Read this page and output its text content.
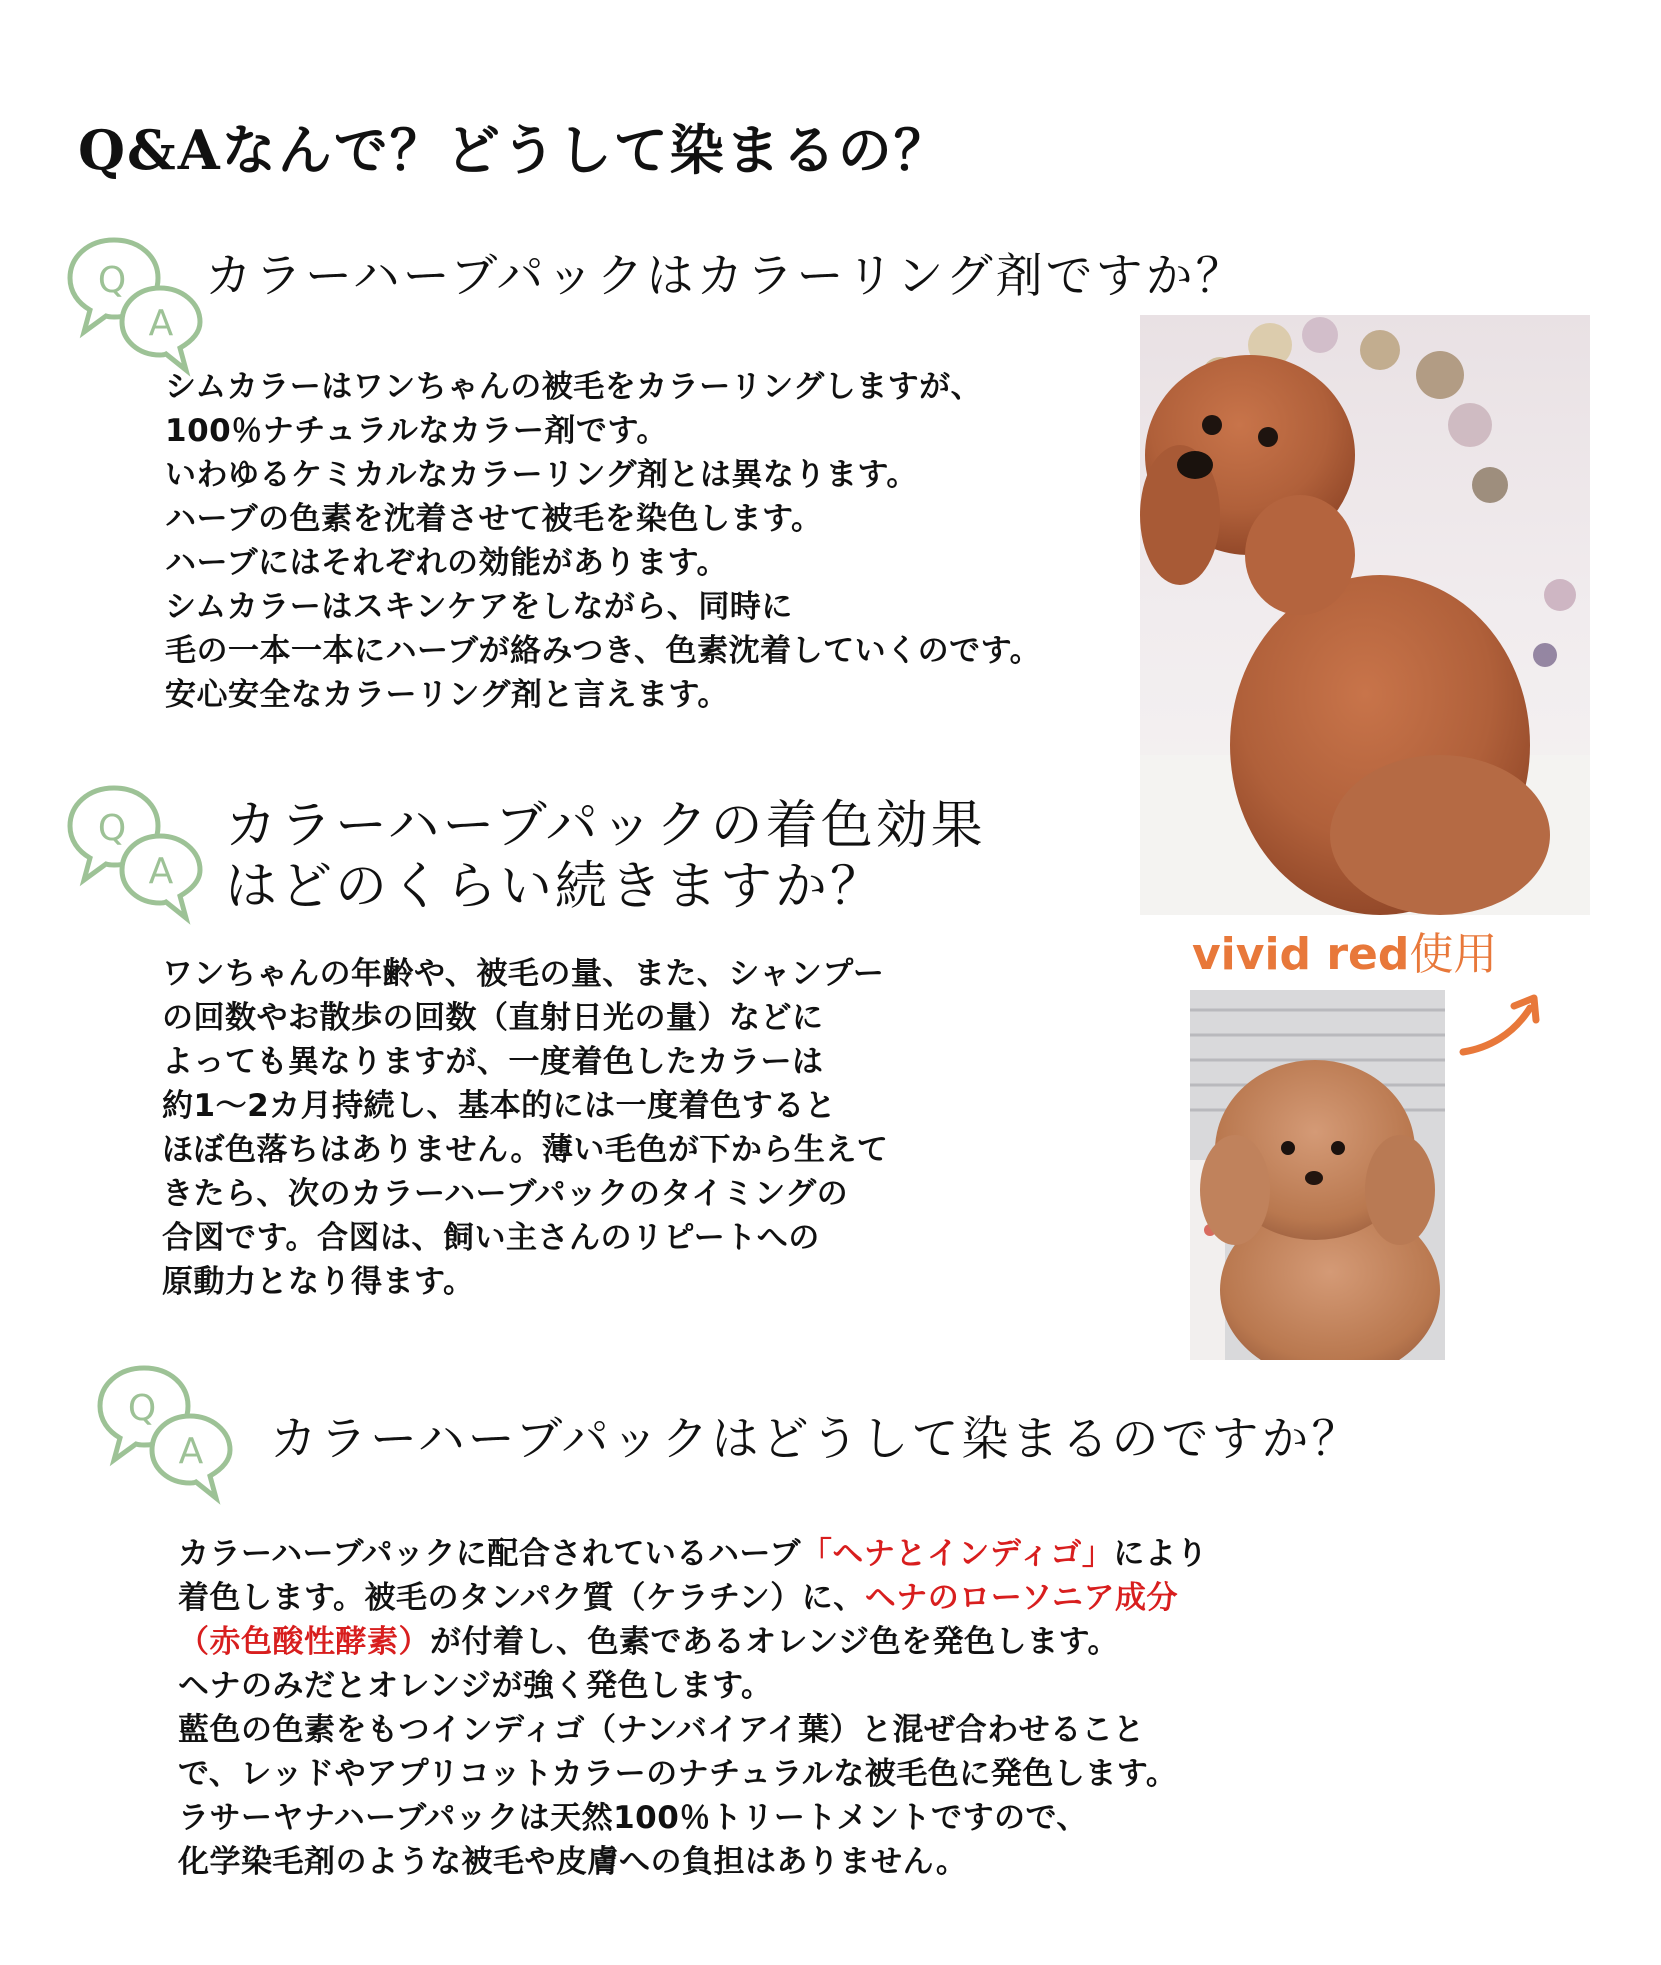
Q&Aなんで？どうして染まるの？
Q
A
カラーハーブパックはカラーリング剤ですか？
シムカラーはワンちゃんの被毛をカラーリングしますが、
100％ナチュラルなカラー剤です。
いわゆるケミカルなカラーリング剤とは異なります。
ハーブの色素を沈着させて被毛を染色します。
ハーブにはそれぞれの効能があります。
シムカラーはスキンケアをしながら、同時に
毛の一本一本にハーブが絡みつき、色素沈着していくのです。
安心安全なカラーリング剤と言えます。
Q
A
カラーハーブパックの着色効果
はどのくらい続きますか？
ワンちゃんの年齢や、被毛の量、また、シャンプー
の回数やお散歩の回数（直射日光の量）などに
よっても異なりますが、一度着色したカラーは
約1～2カ月持続し、基本的には一度着色すると
ほぼ色落ちはありません。薄い毛色が下から生えて
きたら、次のカラーハーブパックのタイミングの
合図です。合図は、飼い主さんのリピートへの
原動力となり得ます。
vivid red使用
Q
A カラーハーブパックはどうして染まるのですか？
カラーハーブパックに配合されているハーブ「ヘナとインディゴ」により
着色します。被毛のタンパク質（ケラチン）に、ヘナのローソニア成分
（赤色酸性酵素）が付着し、色素であるオレンジ色を発色します。
ヘナのみだとオレンジが強く発色します。
藍色の色素をもつインディゴ（ナンバイアイ葉）と混ぜ合わせること
で、レッドやアプリコットカラーのナチュラルな被毛色に発色します。
ラサーヤナハーブパックは天然100％トリートメントですので、
化学染毛剤のような被毛や皮膚への負担はありません。
